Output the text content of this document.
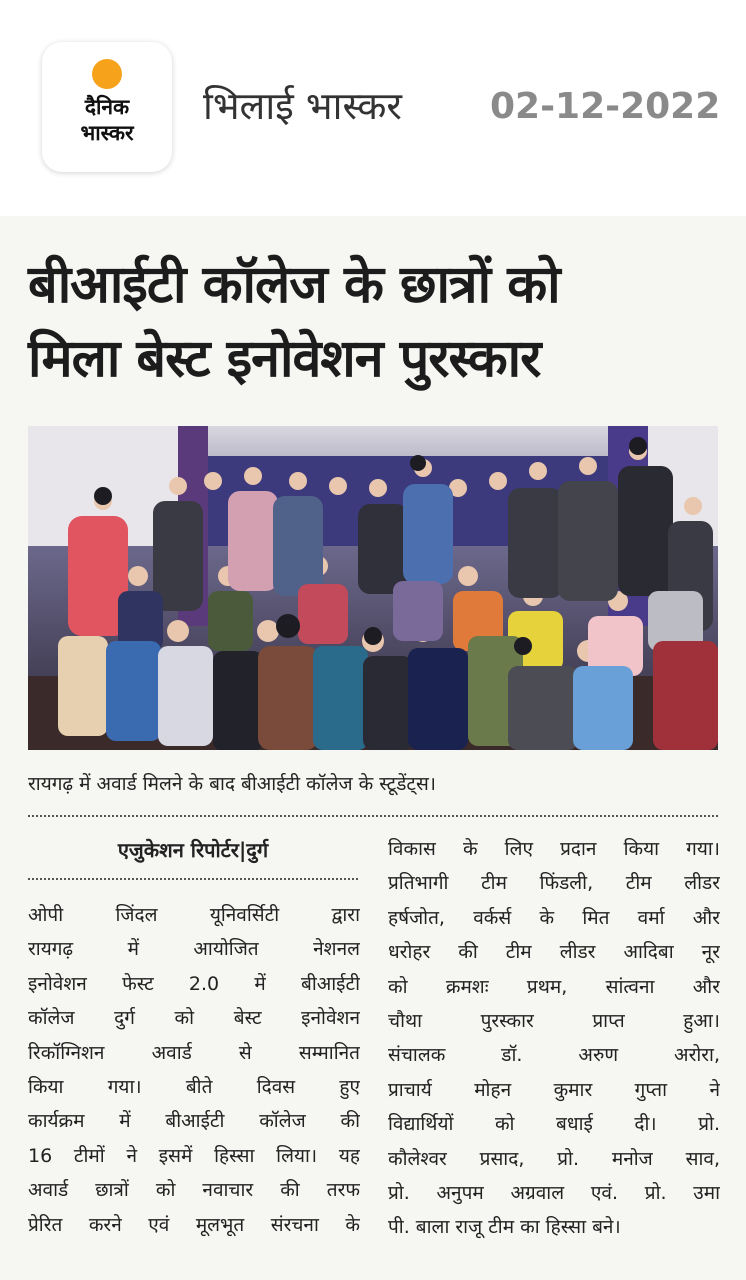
दैनिक
भास्कर
भिलाई भास्कर 02-12-2022
बीआईटी कॉलेज के छात्रों को
मिला बेस्ट इनोवेशन पुरस्कार
रायगढ़ में अवार्ड मिलने के बाद बीआईटी कॉलेज के स्टूडेंट्स।
एजुकेशन रिपोर्टर|दुर्ग
ओपी जिंदल यूनिवर्सिटी द्वारा
रायगढ़ में आयोजित नेशनल
इनोवेशन फेस्ट 2.0 में बीआईटी
कॉलेज दुर्ग को बेस्ट इनोवेशन
रिकॉग्निशन अवार्ड से सम्मानित
किया गया। बीते दिवस हुए
कार्यक्रम में बीआईटी कॉलेज की
16 टीमों ने इसमें हिस्सा लिया। यह
अवार्ड छात्रों को नवाचार की तरफ
प्रेरित करने एवं मूलभूत संरचना के
विकास के लिए प्रदान किया गया।
प्रतिभागी टीम फिंडली, टीम लीडर
हर्षजोत, वर्कर्स के मित वर्मा और
धरोहर की टीम लीडर आदिबा नूर
को क्रमशः प्रथम, सांत्वना और
चौथा पुरस्कार प्राप्त हुआ।
संचालक डॉ. अरुण अरोरा,
प्राचार्य मोहन कुमार गुप्ता ने
विद्यार्थियों को बधाई दी। प्रो.
कौलेश्वर प्रसाद, प्रो. मनोज साव,
प्रो. अनुपम अग्रवाल एवं. प्रो. उमा
पी. बाला राजू टीम का हिस्सा बने।
